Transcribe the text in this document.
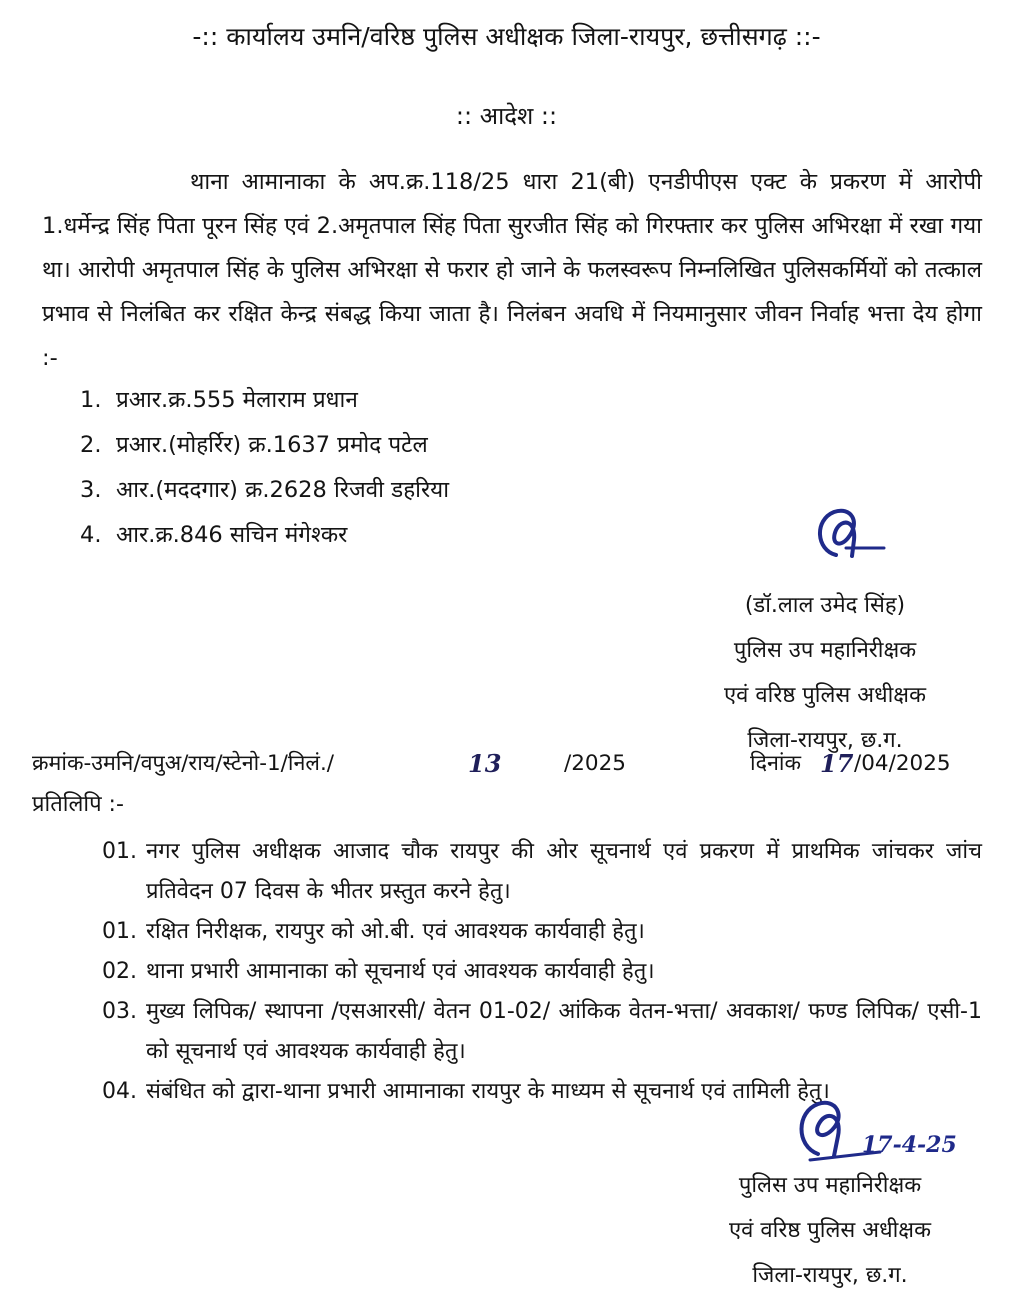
-:: कार्यालय उमनि/वरिष्ठ पुलिस अधीक्षक जिला-रायपुर, छत्तीसगढ़ ::-
:: आदेश ::
थाना आमानाका के अप.क्र.118/25 धारा 21(बी) एनडीपीएस एक्ट के प्रकरण में आरोपी 1.धर्मेन्द्र सिंह पिता पूरन सिंह एवं 2.अमृतपाल सिंह पिता सुरजीत सिंह को गिरफ्तार कर पुलिस अभिरक्षा में रखा गया था। आरोपी अमृतपाल सिंह के पुलिस अभिरक्षा से फरार हो जाने के फलस्वरूप निम्नलिखित पुलिसकर्मियों को तत्काल प्रभाव से निलंबित कर रक्षित केन्द्र संबद्ध किया जाता है। निलंबन अवधि में नियमानुसार जीवन निर्वाह भत्ता देय होगा :-
1. प्रआर.क्र.555 मेलाराम प्रधान
2. प्रआर.(मोहर्रिर) क्र.1637 प्रमोद पटेल
3. आर.(मददगार) क्र.2628 रिजवी डहरिया
4. आर.क्र.846 सचिन मंगेश्कर
(डॉ.लाल उमेद सिंह)
पुलिस उप महानिरीक्षक
एवं वरिष्ठ पुलिस अधीक्षक
जिला-रायपुर, छ.ग.
क्रमांक-उमनि/वपुअ/राय/स्टेनो-1/निलं./	13	/2025	दिनांक 17 /04/2025
प्रतिलिपि :-
01. नगर पुलिस अधीक्षक आजाद चौक रायपुर की ओर सूचनार्थ एवं प्रकरण में प्राथमिक जांचकर जांच प्रतिवेदन 07 दिवस के भीतर प्रस्तुत करने हेतु।
01. रक्षित निरीक्षक, रायपुर को ओ.बी. एवं आवश्यक कार्यवाही हेतु।
02. थाना प्रभारी आमानाका को सूचनार्थ एवं आवश्यक कार्यवाही हेतु।
03. मुख्य लिपिक/ स्थापना /एसआरसी/ वेतन 01-02/ आंकिक वेतन-भत्ता/ अवकाश/ फण्ड लिपिक/ एसी-1 को सूचनार्थ एवं आवश्यक कार्यवाही हेतु।
04. संबंधित को द्वारा-थाना प्रभारी आमानाका रायपुर के माध्यम से सूचनार्थ एवं तामिली हेतु।
17-4-25
पुलिस उप महानिरीक्षक
एवं वरिष्ठ पुलिस अधीक्षक
जिला-रायपुर, छ.ग.
